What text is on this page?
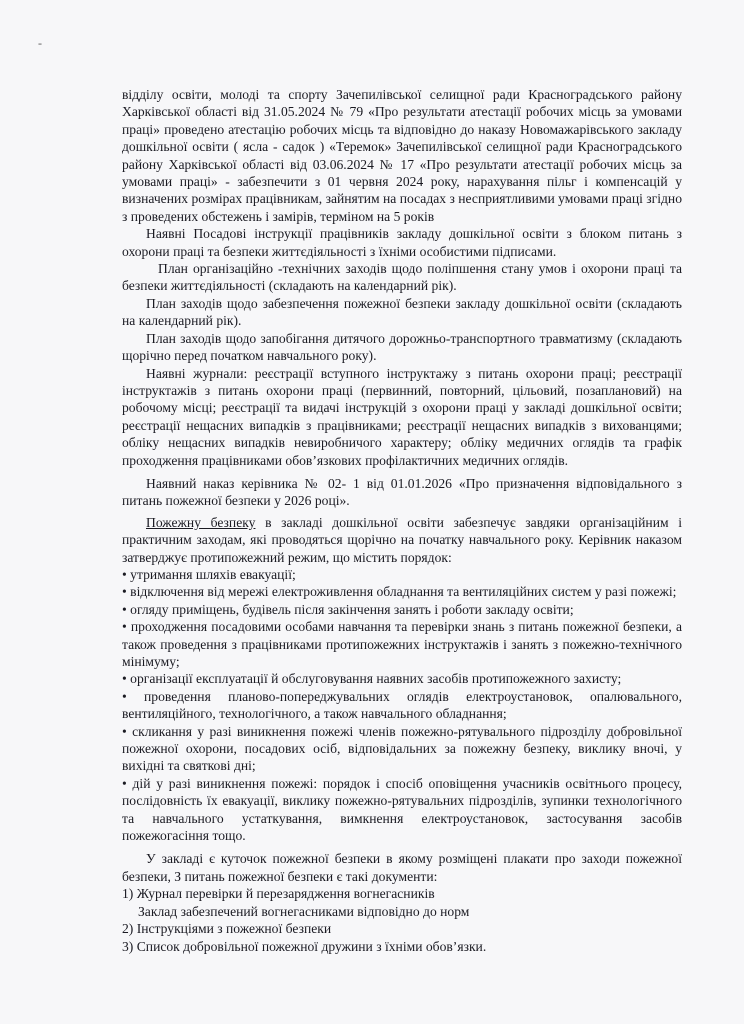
-

відділу освіти, молоді та спорту Зачепилівської селищної ради Красноградського району Харківської області від 31.05.2024 № 79 «Про результати атестації робочих місць за умовами праці» проведено атестацію робочих місць та відповідно до наказу Новомажарівського закладу дошкільної освіти ( ясла - садок ) «Теремок» Зачепилівської селищної ради Красноградського району Харківської області від 03.06.2024 № 17 «Про результати атестації робочих місць за умовами праці» - забезпечити з 01 червня 2024 року, нарахування пільг і компенсацій у визначених розмірах працівникам, зайнятим на посадах з несприятливими умовами праці згідно з проведених обстежень і замірів, терміном на 5 років

Наявні Посадові інструкції працівників закладу дошкільної освіти з блоком питань з охорони праці та безпеки життєдіяльності з їхніми особистими підписами.

План організаційно -технічних заходів щодо поліпшення стану умов і охорони праці та безпеки життєдіяльності (складають на календарний рік).

План заходів щодо забезпечення пожежної безпеки закладу дошкільної освіти (складають на календарний рік).

План заходів щодо запобігання дитячого дорожньо-транспортного травматизму (складають щорічно перед початком навчального року).

Наявні журнали: реєстрації вступного інструктажу з питань охорони праці; реєстрації інструктажів з питань охорони праці (первинний, повторний, цільовий, позаплановий) на робочому місці; реєстрації та видачі інструкцій з охорони праці у закладі дошкільної освіти; реєстрації нещасних випадків з працівниками; реєстрації нещасних випадків з вихованцями; обліку нещасних випадків невиробничого характеру; обліку медичних оглядів та графік проходження працівниками обов’язкових профілактичних медичних оглядів.

Наявний наказ керівника № 02- 1 від 01.01.2026 «Про призначення відповідального з питань пожежної безпеки у 2026 році».

Пожежну безпеку в закладі дошкільної освіти забезпечує завдяки організаційним і практичним заходам, які проводяться щорічно на початку навчального року. Керівник наказом затверджує протипожежний режим, що містить порядок:

• утримання шляхів евакуації;
• відключення від мережі електроживлення обладнання та вентиляційних систем у разі пожежі;
• огляду приміщень, будівель після закінчення занять і роботи закладу освіти;
• проходження посадовими особами навчання та перевірки знань з питань пожежної безпеки, а також проведення з працівниками протипожежних інструктажів і занять з пожежно-технічного мінімуму;
• організації експлуатації й обслуговування наявних засобів протипожежного захисту;
• проведення планово-попереджувальних оглядів електроустановок, опалювального, вентиляційного, технологічного, а також навчального обладнання;
• скликання у разі виникнення пожежі членів пожежно-рятувального підрозділу добровільної пожежної охорони, посадових осіб, відповідальних за пожежну безпеку, виклику вночі, у вихідні та святкові дні;
• дій у разі виникнення пожежі: порядок і спосіб оповіщення учасників освітнього процесу, послідовність їх евакуації, виклику пожежно-рятувальних підрозділів, зупинки технологічного та навчального устаткування, вимкнення електроустановок, застосування засобів пожежогасіння тощо.

У закладі є куточок пожежної безпеки в якому розміщені плакати про заходи пожежної безпеки, З питань пожежної безпеки є такі документи:

1) Журнал перевірки й перезарядження вогнегасників

Заклад забезпечений вогнегасниками відповідно до норм

2) Інструкціями з пожежної безпеки

3) Список добровільної пожежної дружини з їхніми обов’язки.
